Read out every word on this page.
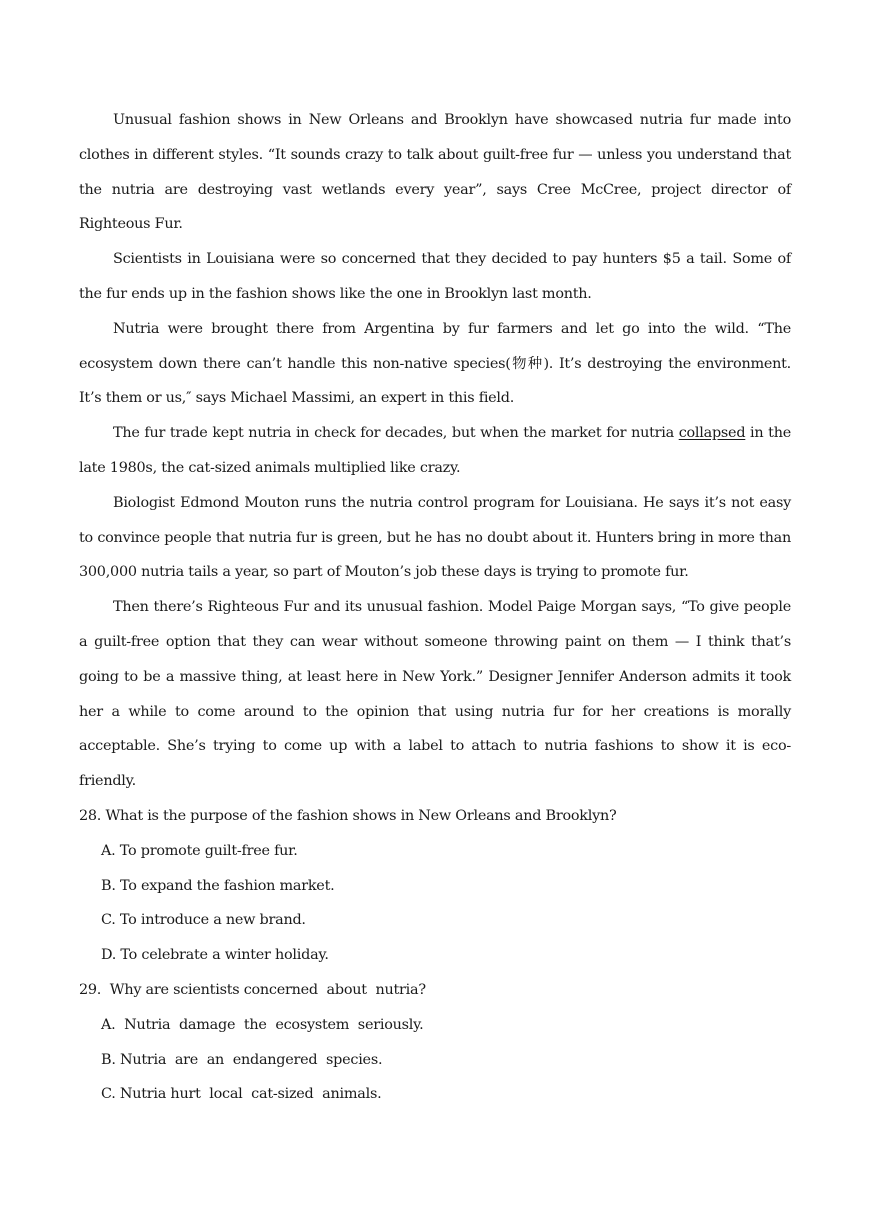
Unusual fashion shows in New Orleans and Brooklyn have showcased nutria fur made into clothes in different styles. “It sounds crazy to talk about guilt-free fur — unless you understand that the nutria are destroying vast wetlands every year”, says Cree McCree, project director of Righteous Fur.

Scientists in Louisiana were so concerned that they decided to pay hunters $5 a tail. Some of the fur ends up in the fashion shows like the one in Brooklyn last month.

Nutria were brought there from Argentina by fur farmers and let go into the wild. “The ecosystem down there can’t handle this non-native species(物种). It’s destroying the environment. It’s them or us,″ says Michael Massimi, an expert in this field.

The fur trade kept nutria in check for decades, but when the market for nutria collapsed in the late 1980s, the cat-sized animals multiplied like crazy.

Biologist Edmond Mouton runs the nutria control program for Louisiana. He says it’s not easy to convince people that nutria fur is green, but he has no doubt about it. Hunters bring in more than 300,000 nutria tails a year, so part of Mouton’s job these days is trying to promote fur.

Then there’s Righteous Fur and its unusual fashion. Model Paige Morgan says, “To give people a guilt-free option that they can wear without someone throwing paint on them — I think that’s going to be a massive thing, at least here in New York.” Designer Jennifer Anderson admits it took her a while to come around to the opinion that using nutria fur for her creations is morally acceptable. She’s trying to come up with a label to attach to nutria fashions to show it is eco-friendly.

28. What is the purpose of the fashion shows in New Orleans and Brooklyn?

A. To promote guilt-free fur.

B. To expand the fashion market.

C. To introduce a new brand.

D. To celebrate a winter holiday.

29.  Why are scientists concerned  about  nutria?

A.  Nutria  damage  the  ecosystem  seriously.

B. Nutria  are  an  endangered  species.

C. Nutria hurt  local  cat-sized  animals.
